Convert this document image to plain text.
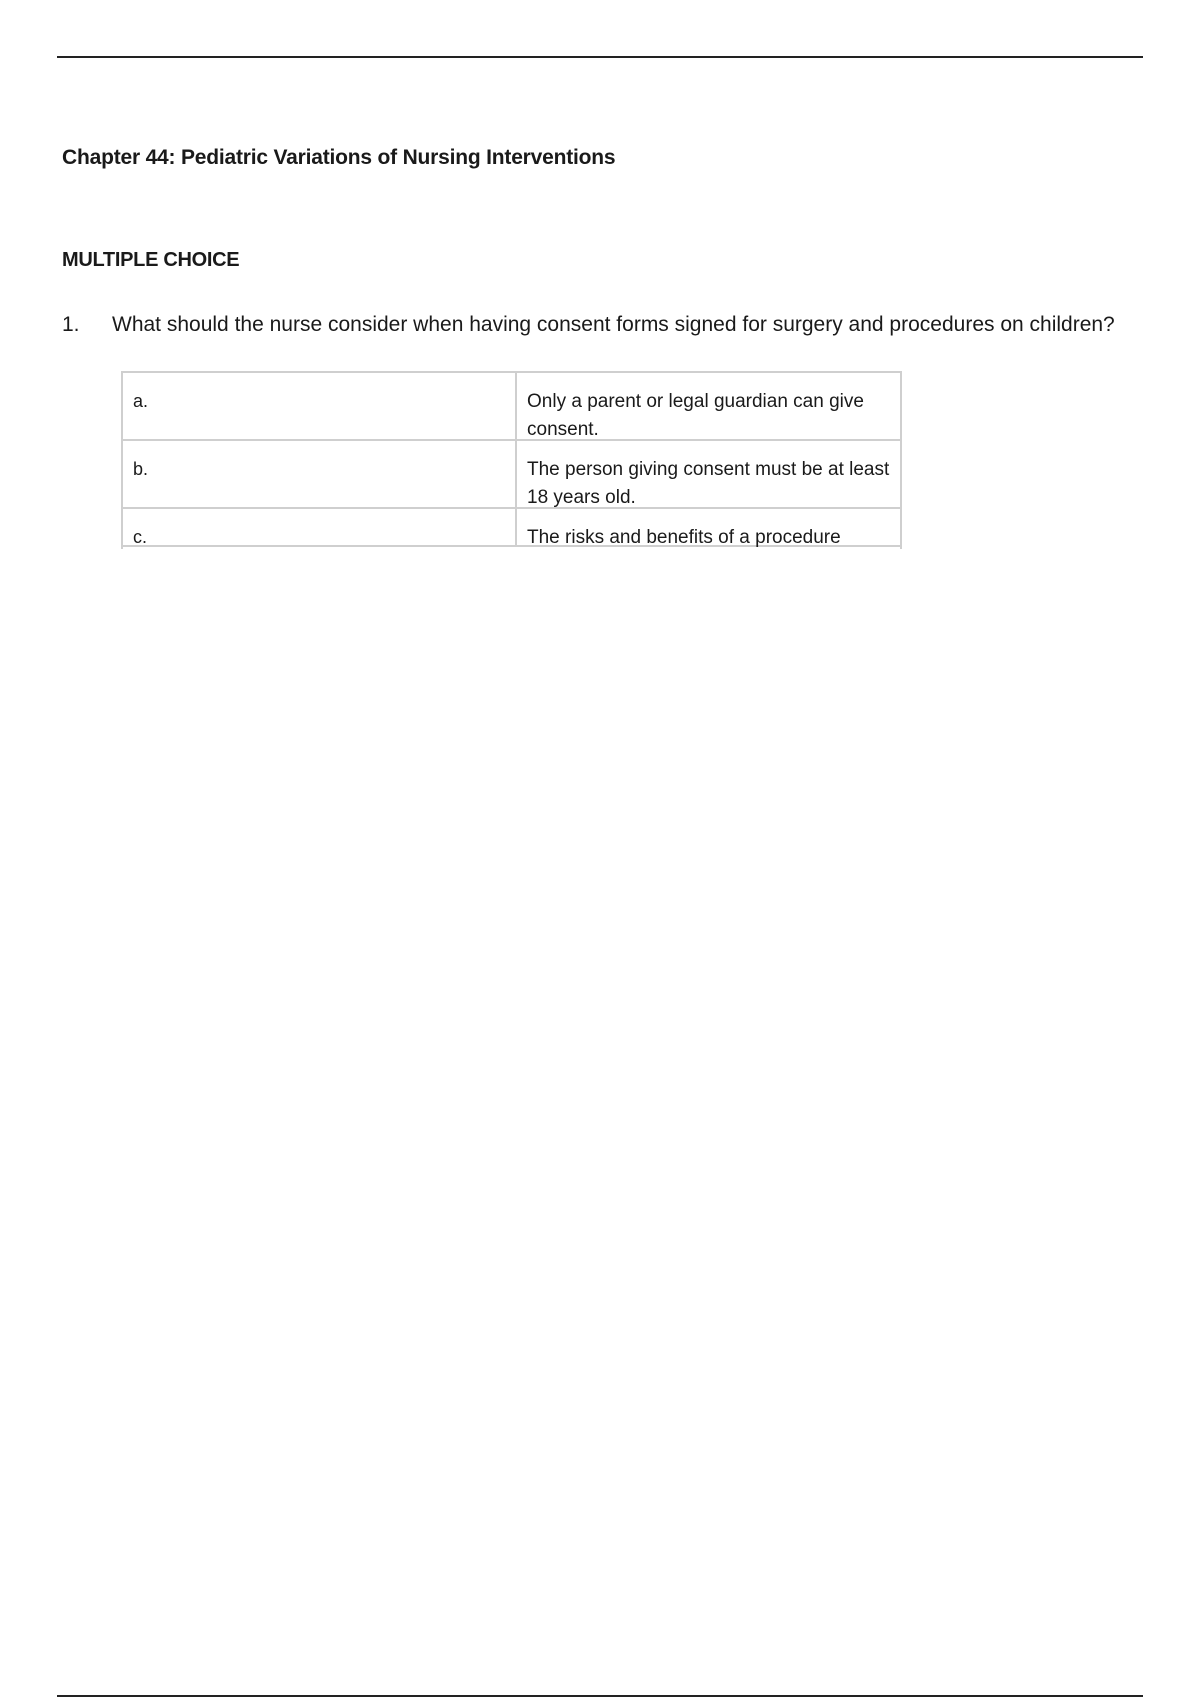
Chapter 44: Pediatric Variations of Nursing Interventions
MULTIPLE CHOICE
1. What should the nurse consider when having consent forms signed for surgery and procedures on children?
a.	Only a parent or legal guardian can give consent.
b.	The person giving consent must be at least 18 years old.
c.	The risks and benefits of a procedure
